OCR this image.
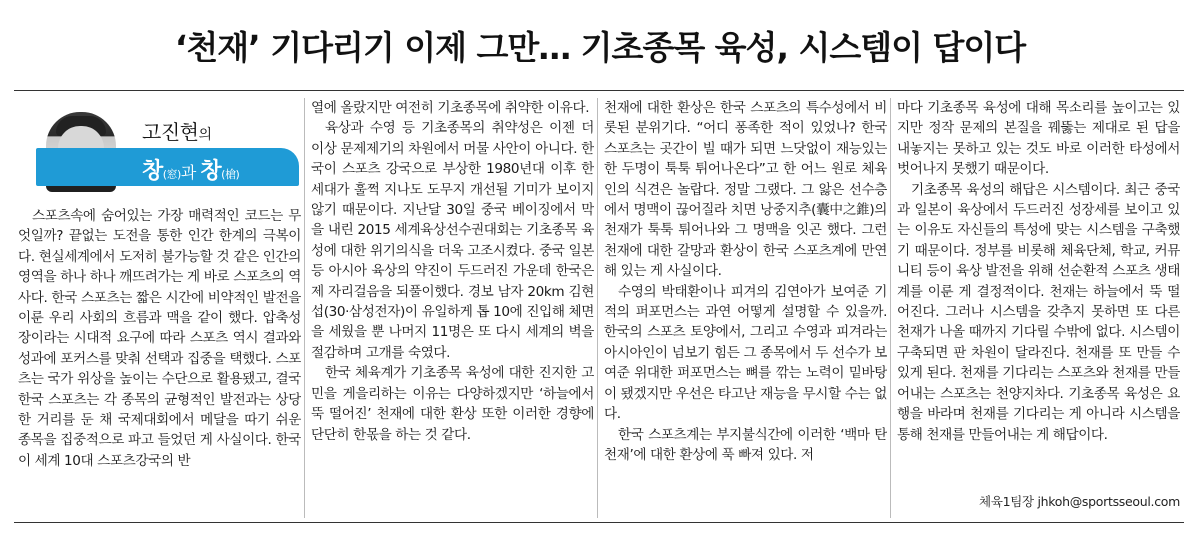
‘천재’ 기다리기 이제 그만… 기초종목 육성, 시스템이 답이다
고진현의
창(窓)과 창(槍)

스포츠속에 숨어있는 가장 매력적인 코드는 무엇일까? 끝없는 도전을 통한 인간 한계의 극복이다. 현실세계에서 도저히 불가능할 것 같은 인간의 영역을 하나 하나 깨뜨려가는 게 바로 스포츠의 역사다. 한국 스포츠는 짧은 시간에 비약적인 발전을 이룬 우리 사회의 흐름과 맥을 같이 했다. 압축성장이라는 시대적 요구에 따라 스포츠 역시 결과와 성과에 포커스를 맞춰 선택과 집중을 택했다. 스포츠는 국가 위상을 높이는 수단으로 활용됐고, 결국 한국 스포츠는 각 종목의 균형적인 발전과는 상당한 거리를 둔 채 국제대회에서 메달을 따기 쉬운 종목을 집중적으로 파고 들었던 게 사실이다. 한국이 세계 10대 스포츠강국의 반

열에 올랐지만 여전히 기초종목에 취약한 이유다.

육상과 수영 등 기초종목의 취약성은 이젠 더 이상 문제제기의 차원에서 머물 사안이 아니다. 한국이 스포츠 강국으로 부상한 1980년대 이후 한 세대가 훌쩍 지나도 도무지 개선될 기미가 보이지 않기 때문이다. 지난달 30일 중국 베이징에서 막을 내린 2015 세계육상선수권대회는 기초종목 육성에 대한 위기의식을 더욱 고조시켰다. 중국 일본 등 아시아 육상의 약진이 두드러진 가운데 한국은 제 자리걸음을 되풀이했다. 경보 남자 20km 김현섭(30·삼성전자)이 유일하게 톱 10에 진입해 체면을 세웠을 뿐 나머지 11명은 또 다시 세계의 벽을 절감하며 고개를 숙였다.

한국 체육계가 기초종목 육성에 대한 진지한 고민을 게을리하는 이유는 다양하겠지만 ‘하늘에서 뚝 떨어진’ 천재에 대한 환상 또한 이러한 경향에 단단히 한몫을 하는 것 같다.

천재에 대한 환상은 한국 스포츠의 특수성에서 비롯된 분위기다. “어디 퐁족한 적이 있었나? 한국 스포츠는 곳간이 빌 때가 되면 느닷없이 재능있는 한 두명이 툭툭 튀어나온다”고 한 어느 원로 체육인의 식견은 놀랍다. 정말 그랬다. 그 앓은 선수층에서 명맥이 끊어질라 치면 낭중지추(囊中之錐)의 천재가 툭툭 튀어나와 그 명맥을 잇곤 했다. 그런 천재에 대한 갈망과 환상이 한국 스포츠계에 만연해 있는 게 사실이다.

수영의 박태환이나 피겨의 김연아가 보여준 기적의 퍼포먼스는 과연 어떻게 설명할 수 있을까. 한국의 스포츠 토양에서, 그리고 수영과 피겨라는 아시아인이 넘보기 힘든 그 종목에서 두 선수가 보여준 위대한 퍼포먼스는 뼈를 깎는 노력이 밑바탕이 됐겠지만 우선은 타고난 재능을 무시할 수는 없다.

한국 스포츠계는 부지불식간에 이러한 ‘백마 탄 천재’에 대한 환상에 푹 빠져 있다. 저

마다 기초종목 육성에 대해 목소리를 높이고는 있지만 정작 문제의 본질을 꿰뚫는 제대로 된 답을 내놓지는 못하고 있는 것도 바로 이러한 타성에서 벗어나지 못했기 때문이다.

기초종목 육성의 해답은 시스템이다. 최근 중국과 일본이 육상에서 두드러진 성장세를 보이고 있는 이유도 자신들의 특성에 맞는 시스템을 구축했기 때문이다. 정부를 비롯해 체육단체, 학교, 커뮤니티 등이 육상 발전을 위해 선순환적 스포츠 생태계를 이룬 게 결정적이다. 천재는 하늘에서 뚝 떨어진다. 그러나 시스템을 갖추지 못하면 또 다른 천재가 나올 때까지 기다릴 수밖에 없다. 시스템이 구축되면 판 차원이 달라진다. 천재를 또 만들 수 있게 된다. 천재를 기다리는 스포츠와 천재를 만들어내는 스포츠는 천양지차다. 기초종목 육성은 요행을 바라며 천재를 기다리는 게 아니라 시스템을 통해 천재를 만들어내는 게 해답이다.

체육1팀장 jhkoh@sportsseoul.com
